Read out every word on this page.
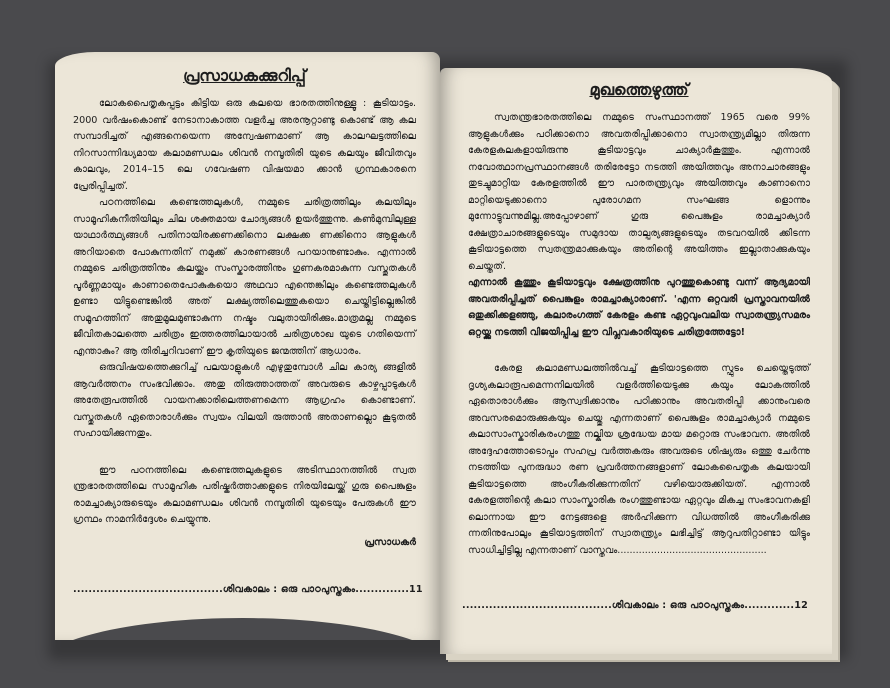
പ്രസാധകക്കുറിപ്പ്

ലോകപൈതൃകപ്പട്ടം കിട്ടിയ ഒരു കലയെ ഭാരതത്തിനുള്ളൂ : കൂടിയാട്ടം. 2000 വർഷംകൊണ്ട് നേടാനാകാത്ത വളർച്ച അരനൂറ്റാണ്ടു കൊണ്ട് ആ കല സമ്പാദിച്ചത് എങ്ങനെയെന്ന അന്വേഷണമാണ് ആ കാലഘട്ടത്തിലെ നിറസാന്നിദ്ധ്യമായ കലാമണ്ഡലം ശിവൻ നമ്പൂതിരി യുടെ കലയും ജീവിതവും കാലവും, 2014–15 ലെ ഗവേഷണ വിഷയമാ ക്കാൻ ഗ്രന്ഥകാരനെ പ്രേരിപ്പിച്ചത്.

പഠനത്തിലെ കണ്ടെത്തലുകൾ, നമ്മുടെ ചരിത്രത്തിലും കലയിലും സാമൂഹികനീതിയിലും ചില ശക്തമായ ചോദ്യങ്ങൾ ഉയർത്തുന്നു. കൺമുമ്പിലുള്ള യാഥാർത്ഥ്യങ്ങൾ പതിനായിരക്കണക്കിനൊ ലക്ഷക്ക ണക്കിനൊ ആളുകൾ അറിയാതെ പോകുന്നതിന് നമുക്ക് കാരണങ്ങൾ പറയാനുണ്ടാകും. എന്നാൽ നമ്മുടെ ചരിത്രത്തിനും കലയ്ക്കും സംസ്കാരത്തിനും ഗുണകരമാകുന്ന വസ്തുതകൾ പൂർണ്ണമായും കാണാതെപോകുകയൊ അഥവാ എന്തെങ്കിലും കണ്ടെത്തലുകൾ ഉണ്ടാ യിട്ടുണ്ടെങ്കിൽ അത് ലക്ഷ്യത്തിലെത്തുകയൊ ചെയ്തിട്ടില്ലെങ്കിൽ സമൂഹത്തിന് അതുമൂലമുണ്ടാകുന്ന നഷ്ടം വലുതായിരിക്കും.മാത്രമല്ല നമ്മുടെ ജീവിതകാലത്തെ ചരിത്രം ഇത്തരത്തിലായാൽ ചരിത്രശാഖ യുടെ ഗതിയെന്ന് എന്താകും? ആ തിരിച്ചറിവാണ് ഈ കൃതിയുടെ ജന്മത്തിന് ആധാരം.

ഒരുവിഷയത്തെക്കുറിച്ച് പലയാളുകൾ എഴുതുമ്പോൾ ചില കാര്യ ങ്ങളിൽ ആവർത്തനം സംഭവിക്കാം. അതു തിരുത്താത്തത് അവരുടെ കാഴ്ചപ്പാടുകൾ അതേരൂപത്തിൽ വായനക്കാരിലെത്തണമെന്ന ആഗ്രഹം കൊണ്ടാണ്. വസ്തുതകൾ ഏതൊരാൾക്കും സ്വയം വിലയി രുത്താൻ അതാണല്ലൊ കൂടുതൽ സഹായിക്കുന്നതും.

ഈ പഠനത്തിലെ കണ്ടെത്തലുകളുടെ അടിസ്ഥാനത്തിൽ സ്വത ന്ത്രഭാരതത്തിലെ സാമൂഹിക പരിഷ്കർത്താക്കളുടെ നിരയിലേയ്ക്ക് ഗുരു പൈങ്കുളം രാമച്ചാക്യാരുടെയും കലാമണ്ഡലം ശിവൻ നമ്പൂതിരി യുടെയും പേരുകൾ ഈ ഗ്രന്ഥം നാമനിർദ്ദേശം ചെയ്യുന്നു.

പ്രസാധകർ
.......................................ശിവകാലം : ഒരു പാഠപുസ്തകം..............11
മുഖത്തെഴുത്ത്

സ്വതന്ത്രഭാരതത്തിലെ നമ്മുടെ സംസ്ഥാനത്ത് 1965 വരെ 99% ആളുകൾക്കും പഠിക്കാനൊ അവതരിപ്പിക്കാനൊ സ്വാതന്ത്ര്യമില്ലാ തിരുന്ന കേരളകലകളായിരുന്നു കൂടിയാട്ടവും ചാക്യാർകൂത്തും. എന്നാൽ നവോത്ഥാനപ്രസ്ഥാനങ്ങൾ തരിരേട്ടോ നടത്തി അയിത്തവും അനാചാരങ്ങളും തുടച്ചുമാറ്റിയ കേരളത്തിൽ ഈ പാരതന്ത്ര്യവും അയിത്തവും കാണാനൊ മാറ്റിയെടുക്കാനൊ പുരോഗമന സംഘങ്ങ ളൊന്നും മുന്നോട്ടുവന്നുമില്ല.അപ്പോഴാണ് ഗുരു പൈങ്കുളം രാമച്ചാക്യാർ ക്ഷേത്രാചാരങ്ങളുടെയും സമുദായ താല്പര്യങ്ങളുടെയും തടവറയിൽ ക്കിടന്ന കൂടിയാട്ടത്തെ സ്വതന്ത്രമാക്കുകയും അതിന്റെ അയിത്തം ഇല്ലാതാക്കുകയും ചെയ്തത്.

എന്നാൽ കൂത്തും കൂടിയാട്ടവും ക്ഷേത്രത്തിനു പുറത്തുകൊണ്ടു വന്ന് ആദ്യമായി അവതരിപ്പിച്ചത് പൈങ്കുളം രാമച്ചാക്യാരാണ്. 'എന്ന ഒറ്റവരി പ്രസ്താവനയിൽ ഒതുക്കിക്കളഞ്ഞു, കലാരംഗത്ത് കേരളം കണ്ട ഏറ്റവുംവലിയ സ്വാതന്ത്ര്യസമരം ഒറ്റയ്ക്കു നടത്തി വിജയിപ്പിച്ച ഈ വിപ്ലവകാരിയുടെ ചരിത്രത്തേട്ടോ!

കേരള കലാമണ്ഡലത്തിൽവച്ച് കൂടിയാട്ടത്തെ സ്ഫുടം ചെയ്തെടുത്ത് ദൃശ്യകലാരൂപമെന്നനിലയിൽ വളർത്തിയെടുക്കു കയും ലോകത്തിൽ ഏതൊരാൾക്കും ആസ്വദിക്കാനും പഠിക്കാനും അവതരിപ്പി ക്കാനുംവരെ അവസരമൊരുക്കുകയും ചെയ്തു എന്നതാണ് പൈങ്കുളം രാമച്ചാക്യാർ നമ്മുടെ കലാസാംസ്കാരികരംഗത്തു നല്കിയ ശ്രദ്ധേയ മായ മറ്റൊരു സംഭാവന. അതിൽ അദ്ദേഹത്തോടൊപ്പം സഹപ്ര വർത്തകരും അവരുടെ ശിഷ്യരും ഒത്തു ചേർന്നു നടത്തിയ പുനരുദ്ധാ രണ പ്രവർത്തനങ്ങളാണ് ലോകപൈതൃക കലയായി കൂടിയാട്ടത്തെ അംഗീകരിക്കുന്നതിന് വഴിയൊരുക്കിയത്. എന്നാൽ കേരളത്തിന്റെ കലാ സാംസ്കാരിക രംഗത്തുണ്ടായ ഏറ്റവും മികച്ച സംഭാവനകളി ലൊന്നായ ഈ നേട്ടങ്ങളെ അർഹിക്കുന്ന വിധത്തിൽ അംഗീകരിക്കു ന്നതിനുപോലും കൂടിയാട്ടത്തിന് സ്വാതന്ത്ര്യം ലഭിച്ചിട്ട് ആറുപതിറ്റാണ്ടാ യിട്ടും സാധിച്ചിട്ടില്ല എന്നതാണ് വാസ്തവം.................................................

.......................................ശിവകാലം : ഒരു പാഠപുസ്തകം.............12
